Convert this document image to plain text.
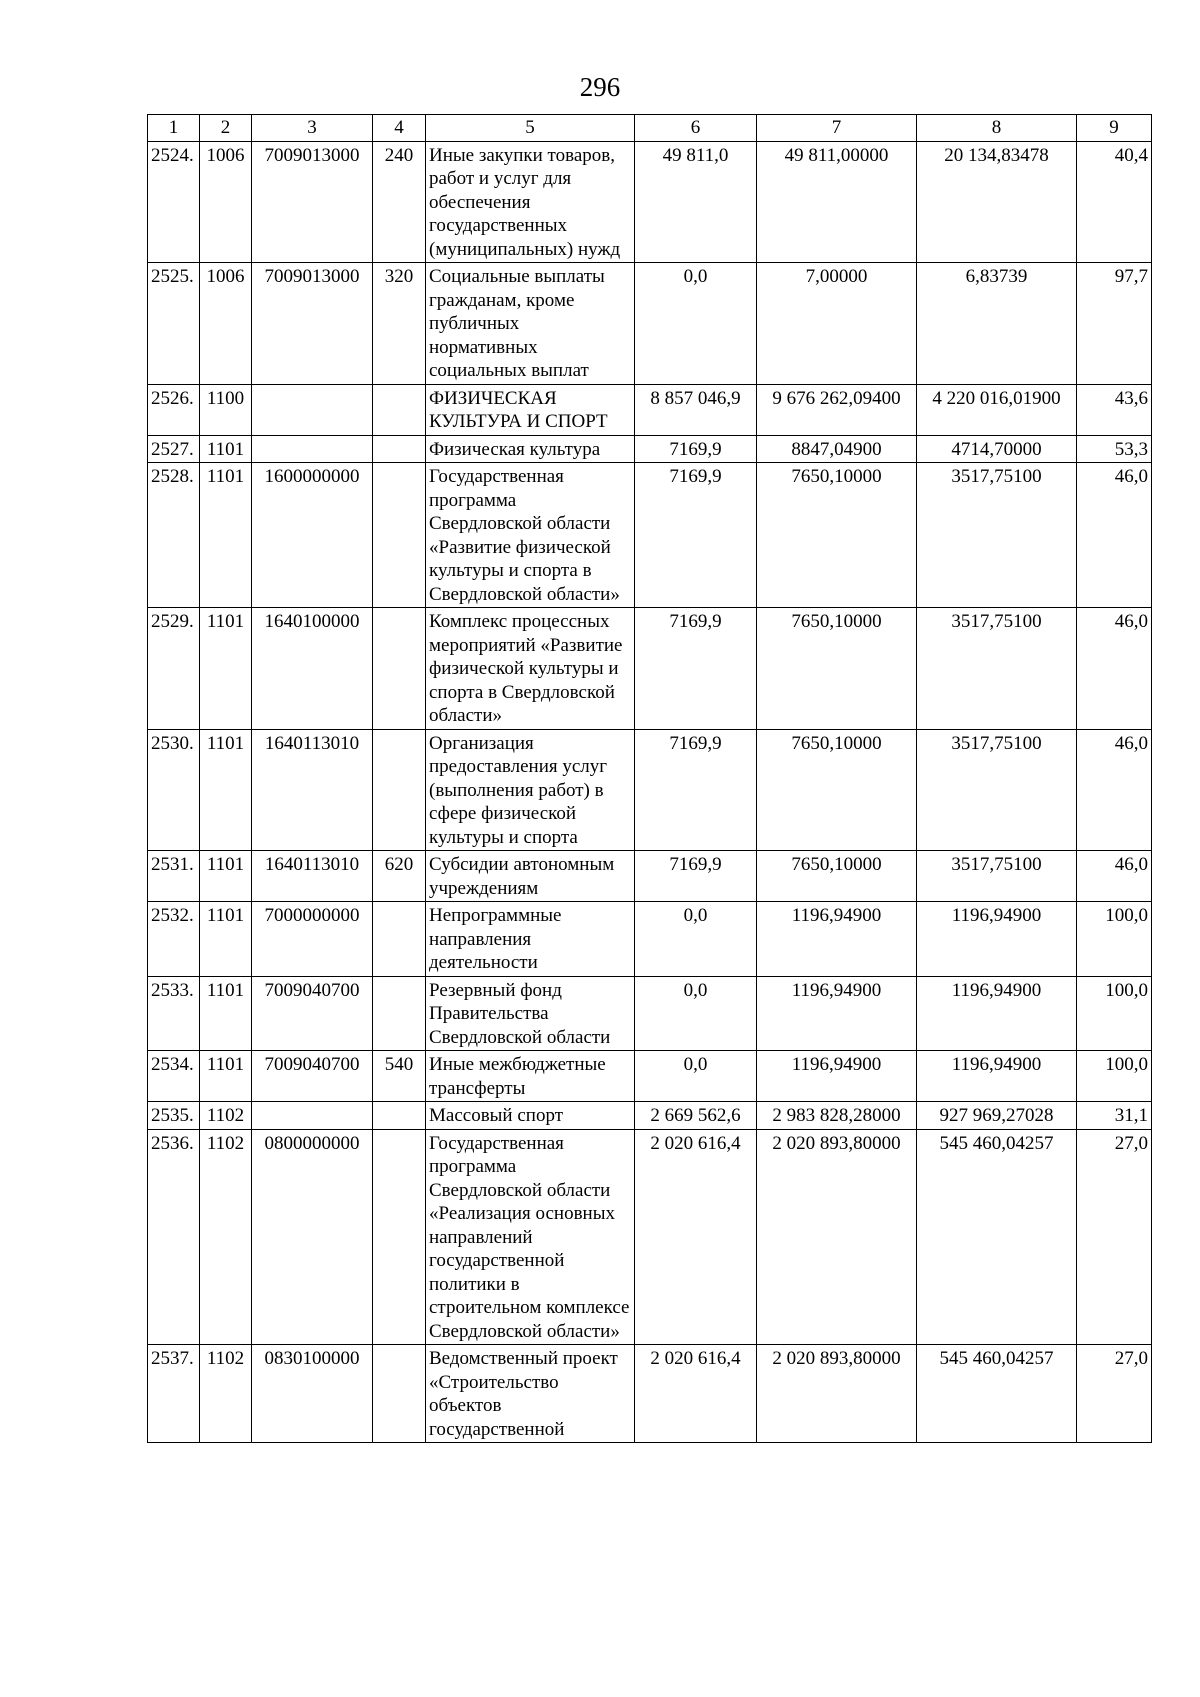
296
1	2	3	4	5	6	7	8	9
2524.	1006	7009013000	240	Иные закупки товаров, работ и услуг для обеспечения государственных (муниципальных) нужд	49 811,0	49 811,00000	20 134,83478	40,4
2525.	1006	7009013000	320	Социальные выплаты гражданам, кроме публичных нормативных социальных выплат	0,0	7,00000	6,83739	97,7
2526.	1100			ФИЗИЧЕСКАЯ КУЛЬТУРА И СПОРТ	8 857 046,9	9 676 262,09400	4 220 016,01900	43,6
2527.	1101			Физическая культура	7169,9	8847,04900	4714,70000	53,3
2528.	1101	1600000000		Государственная программа Свердловской области «Развитие физической культуры и спорта в Свердловской области»	7169,9	7650,10000	3517,75100	46,0
2529.	1101	1640100000		Комплекс процессных мероприятий «Развитие физической культуры и спорта в Свердловской области»	7169,9	7650,10000	3517,75100	46,0
2530.	1101	1640113010		Организация предоставления услуг (выполнения работ) в сфере физической культуры и спорта	7169,9	7650,10000	3517,75100	46,0
2531.	1101	1640113010	620	Субсидии автономным учреждениям	7169,9	7650,10000	3517,75100	46,0
2532.	1101	7000000000		Непрограммные направления деятельности	0,0	1196,94900	1196,94900	100,0
2533.	1101	7009040700		Резервный фонд Правительства Свердловской области	0,0	1196,94900	1196,94900	100,0
2534.	1101	7009040700	540	Иные межбюджетные трансферты	0,0	1196,94900	1196,94900	100,0
2535.	1102			Массовый спорт	2 669 562,6	2 983 828,28000	927 969,27028	31,1
2536.	1102	0800000000		Государственная программа Свердловской области «Реализация основных направлений государственной политики в строительном комплексе Свердловской области»	2 020 616,4	2 020 893,80000	545 460,04257	27,0
2537.	1102	0830100000		Ведомственный проект «Строительство объектов государственной	2 020 616,4	2 020 893,80000	545 460,04257	27,0
